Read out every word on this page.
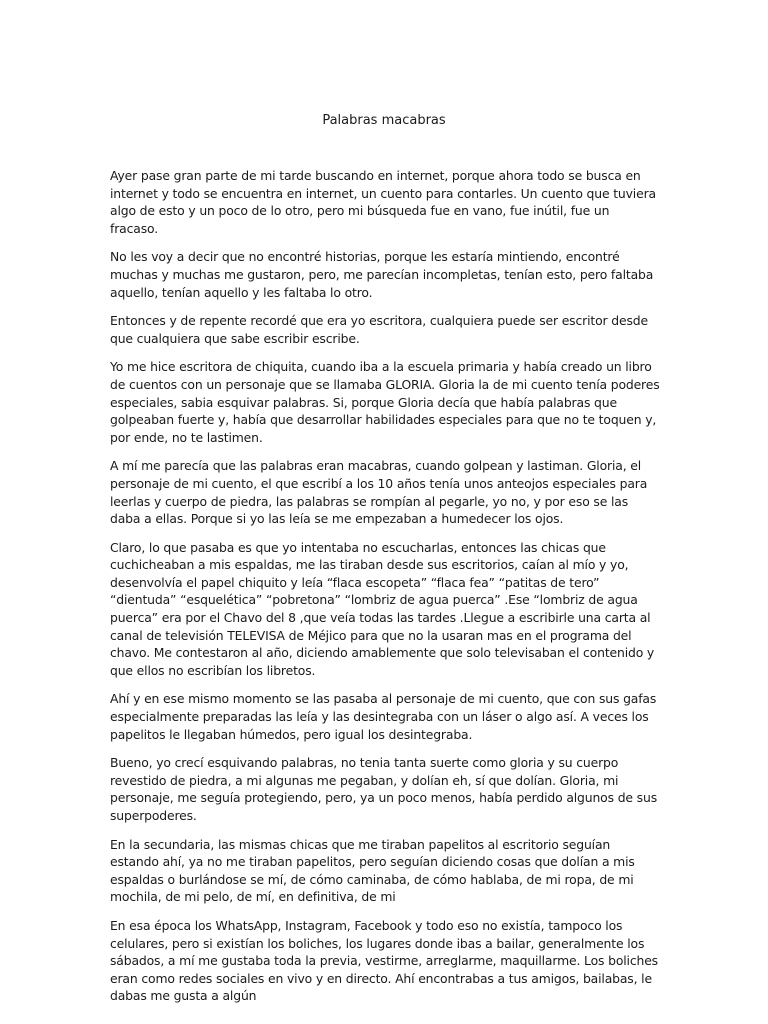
Palabras macabras

Ayer pase gran parte de mi tarde buscando en internet, porque ahora todo se busca en internet y todo se encuentra en internet, un cuento para contarles. Un cuento que tuviera algo de esto y un poco de lo otro, pero mi búsqueda fue en vano, fue inútil, fue un fracaso.

No les voy a decir que no encontré historias, porque les estaría mintiendo, encontré muchas y muchas me gustaron, pero, me parecían incompletas, tenían esto, pero faltaba aquello, tenían aquello y les faltaba lo otro.

Entonces y de repente recordé que era yo escritora, cualquiera puede ser escritor desde que cualquiera que sabe escribir escribe.

Yo me hice escritora de chiquita, cuando iba a la escuela primaria y había creado un libro de cuentos con un personaje que se llamaba GLORIA. Gloria la de mi cuento tenía poderes especiales, sabia esquivar palabras. Si, porque Gloria decía que había palabras que golpeaban fuerte y, había que desarrollar habilidades especiales para que no te toquen y, por ende, no te lastimen.

A mí me parecía que las palabras eran macabras, cuando golpean y lastiman. Gloria, el personaje de mi cuento, el que escribí a los 10 años tenía unos anteojos especiales para leerlas y cuerpo de piedra, las palabras se rompían al pegarle, yo no, y por eso se las daba a ellas. Porque si yo las leía se me empezaban a humedecer los ojos.

Claro, lo que pasaba es que yo intentaba no escucharlas, entonces las chicas que cuchicheaban a mis espaldas, me las tiraban desde sus escritorios, caían al mío y yo, desenvolvía el papel chiquito y leía “flaca escopeta” “flaca fea” “patitas de tero” “dientuda” “esquelética” “pobretona” “lombriz de agua puerca” .Ese “lombriz de agua puerca” era por el Chavo del 8 ,que veía todas las tardes .Llegue a escribirle una carta al canal de televisión TELEVISA de Méjico para que no la usaran mas en el programa del chavo. Me contestaron al año, diciendo amablemente que solo televisaban el contenido y que ellos no escribían los libretos.

Ahí y en ese mismo momento se las pasaba al personaje de mi cuento, que con sus gafas especialmente preparadas las leía y las desintegraba con un láser o algo así. A veces los papelitos le llegaban húmedos, pero igual los desintegraba.

Bueno, yo crecí esquivando palabras, no tenia tanta suerte como gloria y su cuerpo revestido de piedra, a mi algunas me pegaban, y dolían eh, sí que dolían. Gloria, mi personaje, me seguía protegiendo, pero, ya un poco menos, había perdido algunos de sus superpoderes.

En la secundaria, las mismas chicas que me tiraban papelitos al escritorio seguían estando ahí, ya no me tiraban papelitos, pero seguían diciendo cosas que dolían a mis espaldas o burlándose se mí, de cómo caminaba, de cómo hablaba, de mi ropa, de mi mochila, de mi pelo, de mí, en definitiva, de mi

En esa época los WhatsApp, Instagram, Facebook y todo eso no existía, tampoco los celulares, pero si existían los boliches, los lugares donde ibas a bailar, generalmente los sábados, a mí me gustaba toda la previa, vestirme, arreglarme, maquillarme. Los boliches eran como redes sociales en vivo y en directo. Ahí encontrabas a tus amigos, bailabas, le dabas me gusta a algún
